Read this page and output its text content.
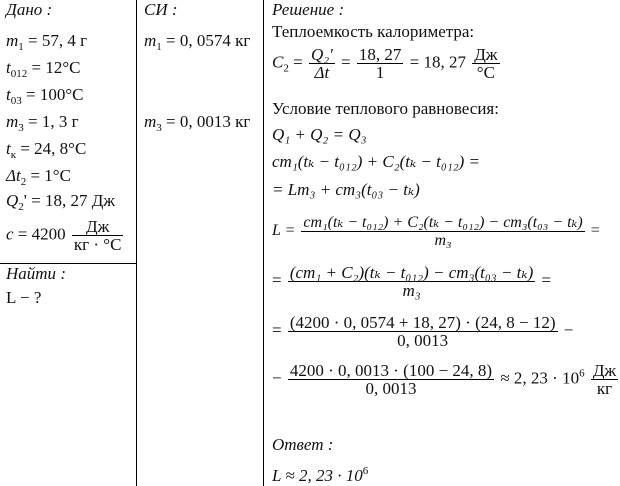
Дано :
$m_1 = 57$, 4 г
$t_{012} = 12^\circ C$
$t_{03} = 100^\circ C$
$m_3 = 1$, 3 г
$t_к = 24$, 8°C
$\Delta t_2 = 1^\circ C$
$Q_2' = 18$, 27 Дж
$c = 4200 \frac{Дж}{кг \cdot ^\circ C}$
Найти :
L − ?
СИ :
$m_1 = 0$, 0574 кг
$m_3 = 0$, 0013 кг
Решение :
Теплоемкость калориметра:
$C_2 = \frac{\text{Q₂'}}{\Delta t} = \frac{18, 27}{1} = 18$, $27 \frac{Дж}{^\circ C}$
Условие теплового равновесия:
Q₁ + Q₂ = Q₃
cm₁(tₖ − t₀₁₂) + C₂(tₖ − t₀₁₂) =
= Lm₃ + cm₃(t₀₃ − tₖ)
$L = \frac{\text{cm₁(tₖ − t₀₁₂) + C₂(tₖ − t₀₁₂) − cm₃(t₀₃ − tₖ)}}{\text{m₃}}$ =
= $\frac{\text{(cm₁ + C₂)(tₖ − t₀₁₂) − cm₃(t₀₃ − tₖ)}}{\text{m₃}}$ =
= $\frac{(4200 \cdot 0, 0574 + 18, 27) \cdot (24, 8 - 12)}{0, 0013}$ −
− $\frac{4200 \cdot 0, 0013 \cdot (100 - 24, 8)}{0, 0013} \approx 2$, $23 \cdot 10^6 \frac{Дж}{кг}$
Ответ :
L ≈ 2, $23 \cdot 10^6$
